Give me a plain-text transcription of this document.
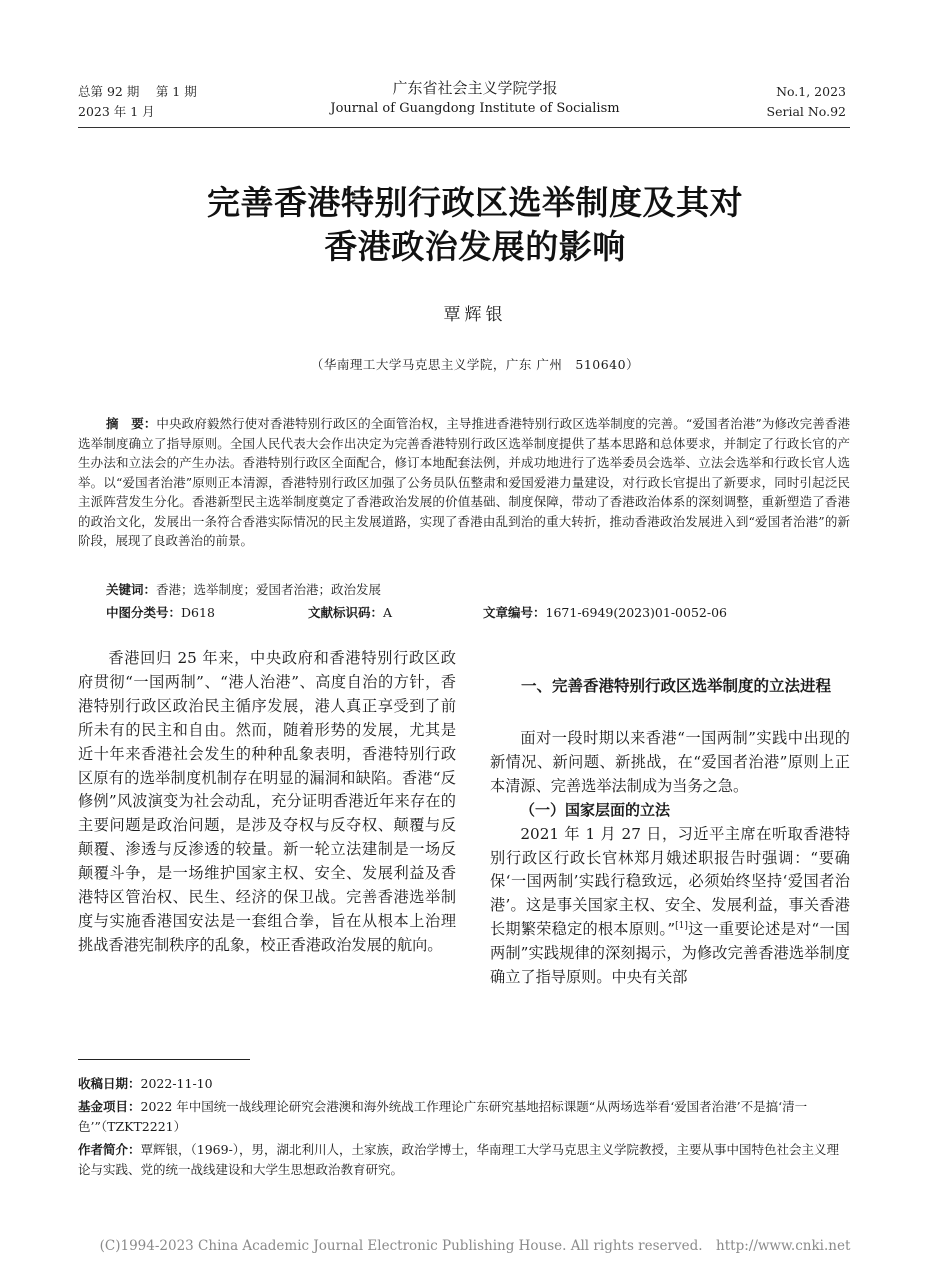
总第 92 期　 第 1 期
2023 年 1 月
广东省社会主义学院学报
Journal of Guangdong Institute of Socialism
No.1, 2023
Serial No.92
完善香港特别行政区选举制度及其对
香港政治发展的影响
覃辉银
（华南理工大学马克思主义学院，广东 广州　510640）
摘　要：中央政府毅然行使对香港特别行政区的全面管治权，主导推进香港特别行政区选举制度的完善。“爱国者治港”为修改完善香港选举制度确立了指导原则。全国人民代表大会作出决定为完善香港特别行政区选举制度提供了基本思路和总体要求，并制定了行政长官的产生办法和立法会的产生办法。香港特别行政区全面配合，修订本地配套法例，并成功地进行了选举委员会选举、立法会选举和行政长官人选举。以“爱国者治港”原则正本清源，香港特别行政区加强了公务员队伍整肃和爱国爱港力量建设，对行政长官提出了新要求，同时引起泛民主派阵营发生分化。香港新型民主选举制度奠定了香港政治发展的价值基础、制度保障，带动了香港政治体系的深刻调整，重新塑造了香港的政治文化，发展出一条符合香港实际情况的民主发展道路，实现了香港由乱到治的重大转折，推动香港政治发展进入到“爱国者治港”的新阶段，展现了良政善治的前景。
关键词：香港；选举制度；爱国者治港；政治发展
中图分类号：D618	文献标识码：A	文章编号：1671-6949(2023)01-0052-06

香港回归 25 年来，中央政府和香港特别行政区政府贯彻“一国两制”、“港人治港”、高度自治的方针，香港特别行政区政治民主循序发展，港人真正享受到了前所未有的民主和自由。然而，随着形势的发展，尤其是近十年来香港社会发生的种种乱象表明，香港特别行政区原有的选举制度机制存在明显的漏洞和缺陷。香港“反修例”风波演变为社会动乱，充分证明香港近年来存在的主要问题是政治问题，是涉及夺权与反夺权、颠覆与反颠覆、渗透与反渗透的较量。新一轮立法建制是一场反颠覆斗争，是一场维护国家主权、安全、发展利益及香港特区管治权、民生、经济的保卫战。完善香港选举制度与实施香港国安法是一套组合拳，旨在从根本上治理挑战香港宪制秩序的乱象，校正香港政治发展的航向。

一、完善香港特别行政区选举制度的立法进程

面对一段时期以来香港“一国两制”实践中出现的新情况、新问题、新挑战，在“爱国者治港”原则上正本清源、完善选举法制成为当务之急。

（一）国家层面的立法

2021 年 1 月 27 日，习近平主席在听取香港特别行政区行政长官林郑月娥述职报告时强调：“要确保‘一国两制’实践行稳致远，必须始终坚持‘爱国者治港’。这是事关国家主权、安全、发展利益，事关香港长期繁荣稳定的根本原则。”[1]这一重要论述是对“一国两制”实践规律的深刻揭示，为修改完善香港选举制度确立了指导原则。中央有关部

收稿日期：2022-11-10

基金项目：2022 年中国统一战线理论研究会港澳和海外统战工作理论广东研究基地招标课题“从两场选举看‘爱国者治港’不是搞‘清一色’”（TZKT2221）

作者简介：覃辉银，（1969-），男，湖北利川人，土家族，政治学博士，华南理工大学马克思主义学院教授，主要从事中国特色社会主义理论与实践、党的统一战线建设和大学生思想政治教育研究。

(C)1994-2023 China Academic Journal Electronic Publishing House. All rights reserved.　http://www.cnki.net
